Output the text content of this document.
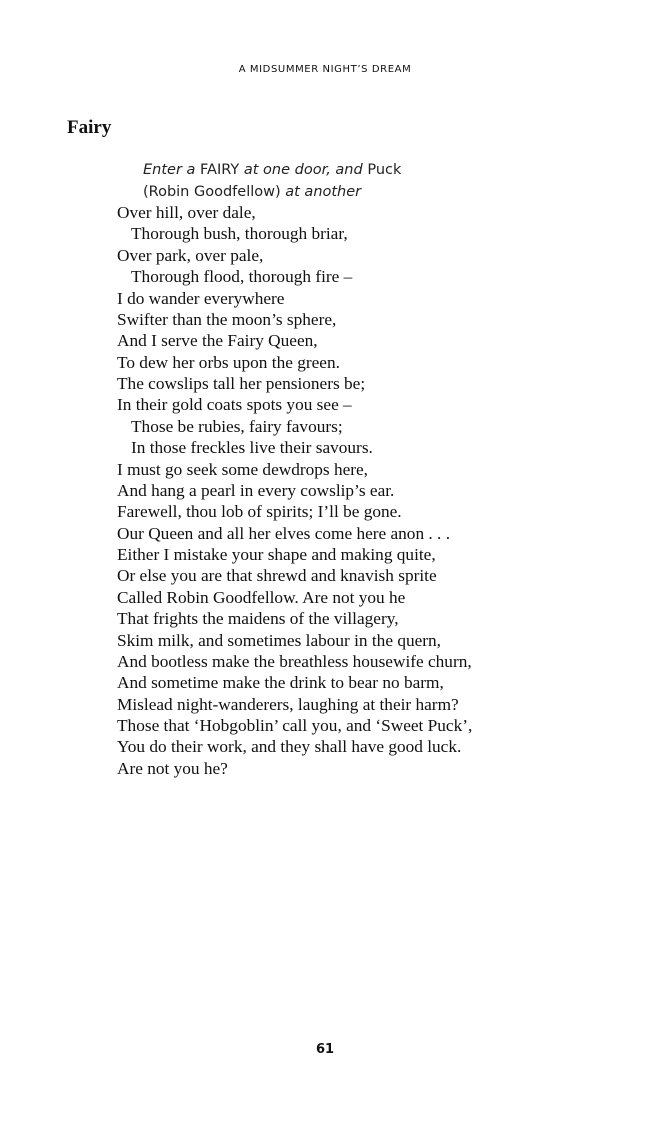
A MIDSUMMER NIGHT’S DREAM
Fairy
Enter a FAIRY at one door, and Puck
(Robin Goodfellow) at another
Over hill, over dale,
Thorough bush, thorough briar,
Over park, over pale,
Thorough flood, thorough fire –
I do wander everywhere
Swifter than the moon’s sphere,
And I serve the Fairy Queen,
To dew her orbs upon the green.
The cowslips tall her pensioners be;
In their gold coats spots you see –
Those be rubies, fairy favours;
In those freckles live their savours.
I must go seek some dewdrops here,
And hang a pearl in every cowslip’s ear.
Farewell, thou lob of spirits; I’ll be gone.
Our Queen and all her elves come here anon . . .
Either I mistake your shape and making quite,
Or else you are that shrewd and knavish sprite
Called Robin Goodfellow. Are not you he
That frights the maidens of the villagery,
Skim milk, and sometimes labour in the quern,
And bootless make the breathless housewife churn,
And sometime make the drink to bear no barm,
Mislead night-wanderers, laughing at their harm?
Those that ‘Hobgoblin’ call you, and ‘Sweet Puck’,
You do their work, and they shall have good luck.
Are not you he?
61
